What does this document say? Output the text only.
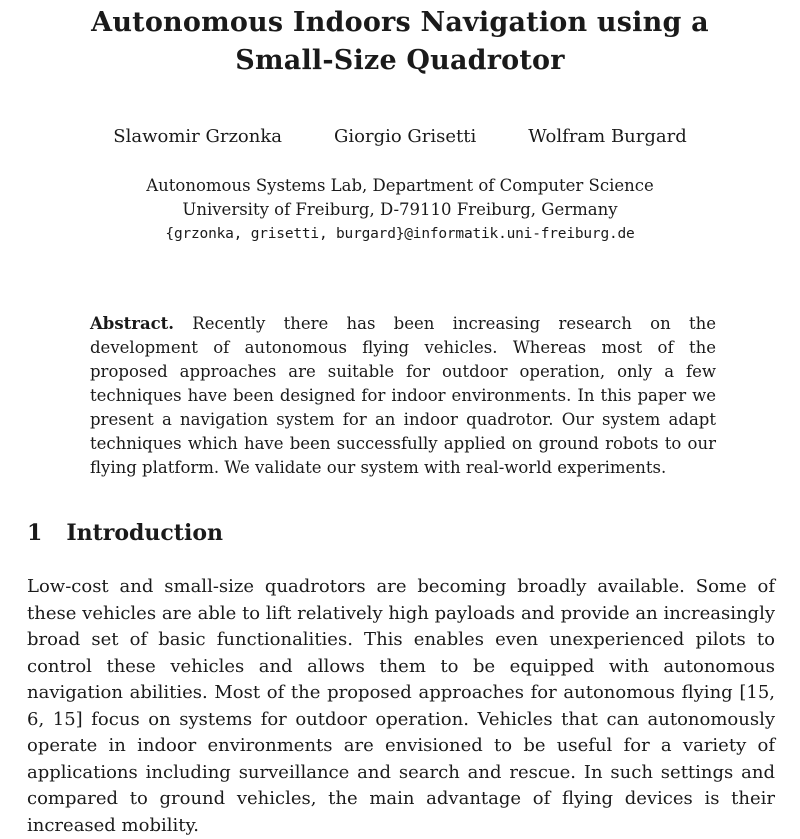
Autonomous Indoors Navigation using a
Small-Size Quadrotor
Slawomir Grzonka	Giorgio Grisetti	Wolfram Burgard
Autonomous Systems Lab, Department of Computer Science
University of Freiburg, D-79110 Freiburg, Germany
{grzonka, grisetti, burgard}@informatik.uni-freiburg.de
Abstract. Recently there has been increasing research on the development of autonomous flying vehicles. Whereas most of the proposed approaches are suitable for outdoor operation, only a few techniques have been designed for indoor environments. In this paper we present a navigation system for an indoor quadrotor. Our system adapt techniques which have been successfully applied on ground robots to our flying platform. We validate our system with real-world experiments.
1 Introduction
Low-cost and small-size quadrotors are becoming broadly available. Some of these vehicles are able to lift relatively high payloads and provide an increasingly broad set of basic functionalities. This enables even unexperienced pilots to control these vehicles and allows them to be equipped with autonomous navigation abilities. Most of the proposed approaches for autonomous flying [15, 6, 15] focus on systems for outdoor operation. Vehicles that can autonomously operate in indoor environments are envisioned to be useful for a variety of applications including surveillance and search and rescue. In such settings and compared to ground vehicles, the main advantage of flying devices is their increased mobility.
